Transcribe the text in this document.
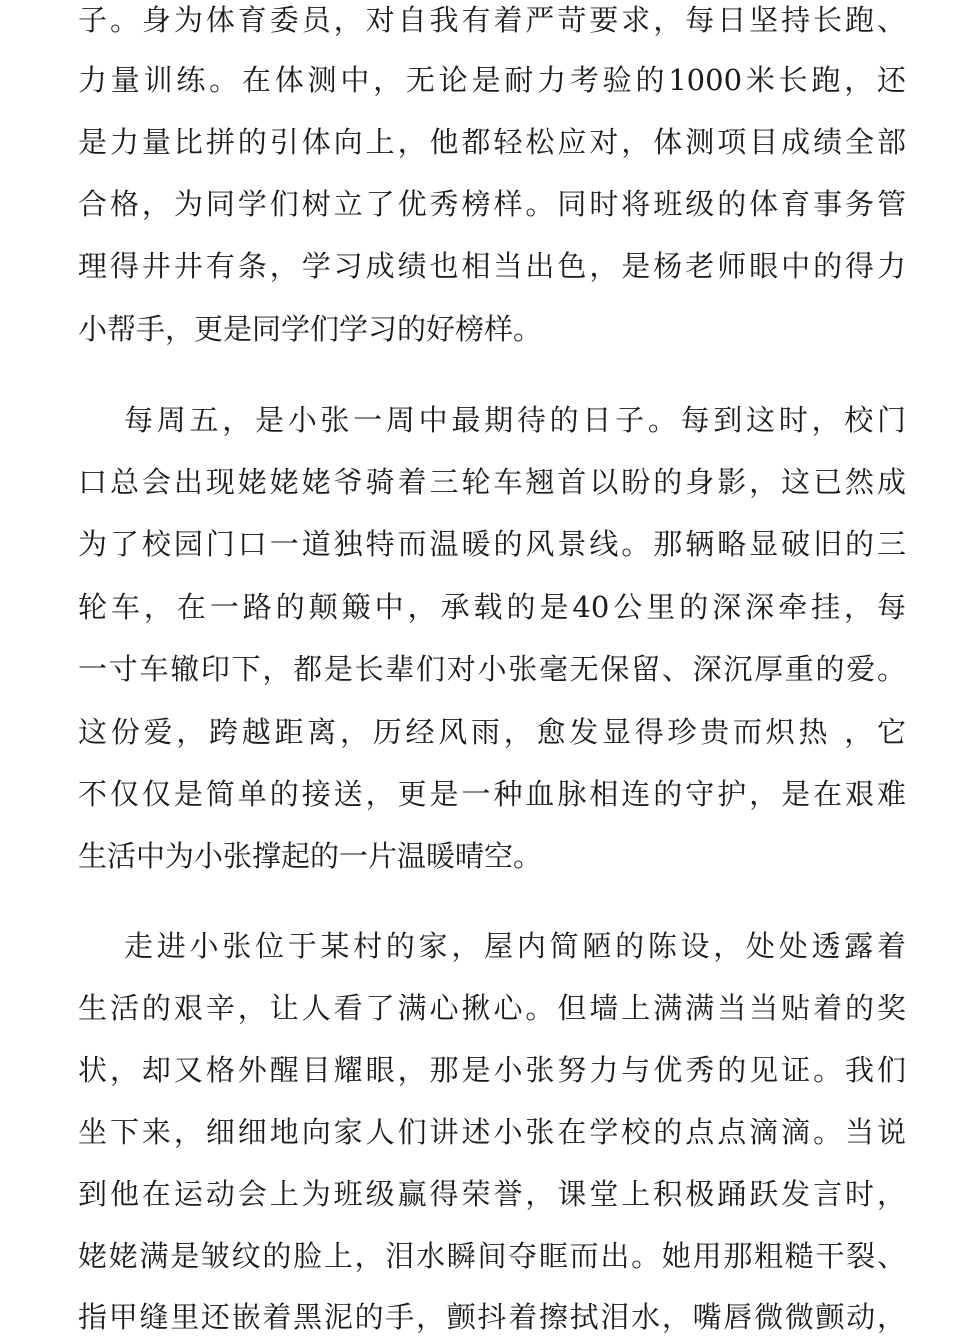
子。身为体育委员，对自我有着严苛要求，每日坚持长跑、
力量训练。在体测中，无论是耐力考验的1000米长跑，还
是力量比拼的引体向上，他都轻松应对，体测项目成绩全部
合格，为同学们树立了优秀榜样。同时将班级的体育事务管
理得井井有条，学习成绩也相当出色，是杨老师眼中的得力
小帮手，更是同学们学习的好榜样。
每周五，是小张一周中最期待的日子。每到这时，校门
口总会出现姥姥姥爷骑着三轮车翘首以盼的身影，这已然成
为了校园门口一道独特而温暖的风景线。那辆略显破旧的三
轮车，在一路的颠簸中，承载的是40公里的深深牵挂，每
一寸车辙印下，都是长辈们对小张毫无保留、深沉厚重的爱。
这份爱，跨越距离，历经风雨，愈发显得珍贵而炽热 ，它
不仅仅是简单的接送，更是一种血脉相连的守护，是在艰难
生活中为小张撑起的一片温暖晴空。
走进小张位于某村的家，屋内简陋的陈设，处处透露着
生活的艰辛，让人看了满心揪心。但墙上满满当当贴着的奖
状，却又格外醒目耀眼，那是小张努力与优秀的见证。我们
坐下来，细细地向家人们讲述小张在学校的点点滴滴。当说
到他在运动会上为班级赢得荣誉，课堂上积极踊跃发言时，
姥姥满是皱纹的脸上，泪水瞬间夺眶而出。她用那粗糙干裂、
指甲缝里还嵌着黑泥的手，颤抖着擦拭泪水，嘴唇微微颤动，
